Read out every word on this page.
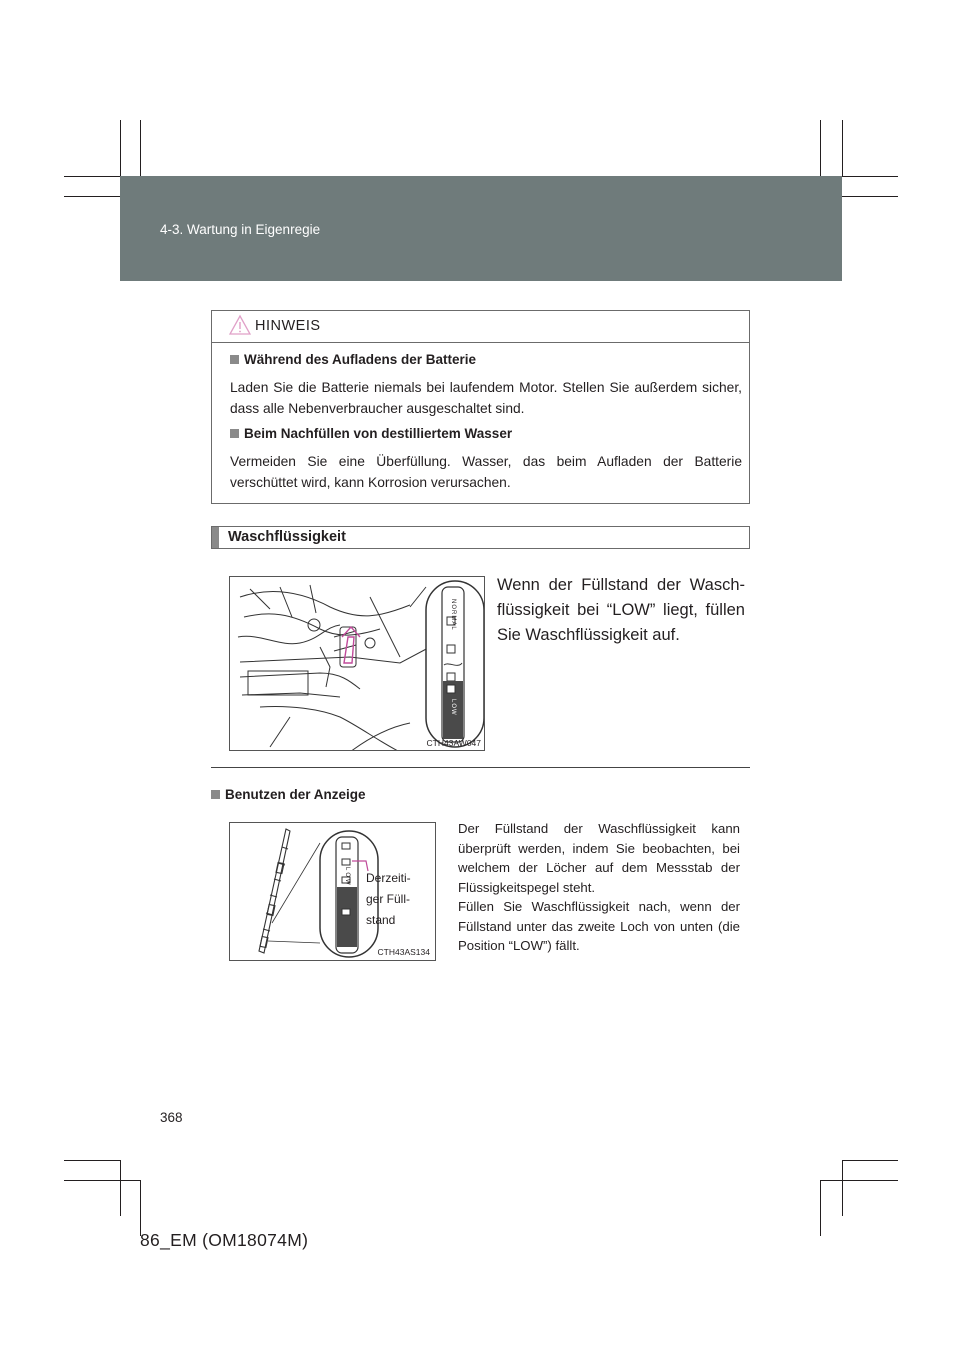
4-3. Wartung in Eigenregie
HINWEIS
Während des Aufladens der Batterie
Laden Sie die Batterie niemals bei laufendem Motor. Stellen Sie außerdem sicher, dass alle Nebenverbraucher ausgeschaltet sind.
Beim Nachfüllen von destilliertem Wasser
Vermeiden Sie eine Überfüllung. Wasser, das beim Aufladen der Batterie verschüttet wird, kann Korrosion verursachen.
Waschflüssigkeit
NORMAL
LOW
CTH43AW047
Wenn der Füllstand der Waschflüssigkeit bei “LOW” liegt, füllen Sie Waschflüssigkeit auf.
Benutzen der Anzeige
LOW
CTH43AS134
Derzeiti-ger Füll-stand

Der Füllstand der Waschflüssigkeit kann überprüft werden, indem Sie beobachten, bei welchem der Löcher auf dem Messstab der Flüssigkeitspegel steht.

Füllen Sie Waschflüssigkeit nach, wenn der Füllstand unter das zweite Loch von unten (die Position “LOW”) fällt.

368
86_EM (OM18074M)
